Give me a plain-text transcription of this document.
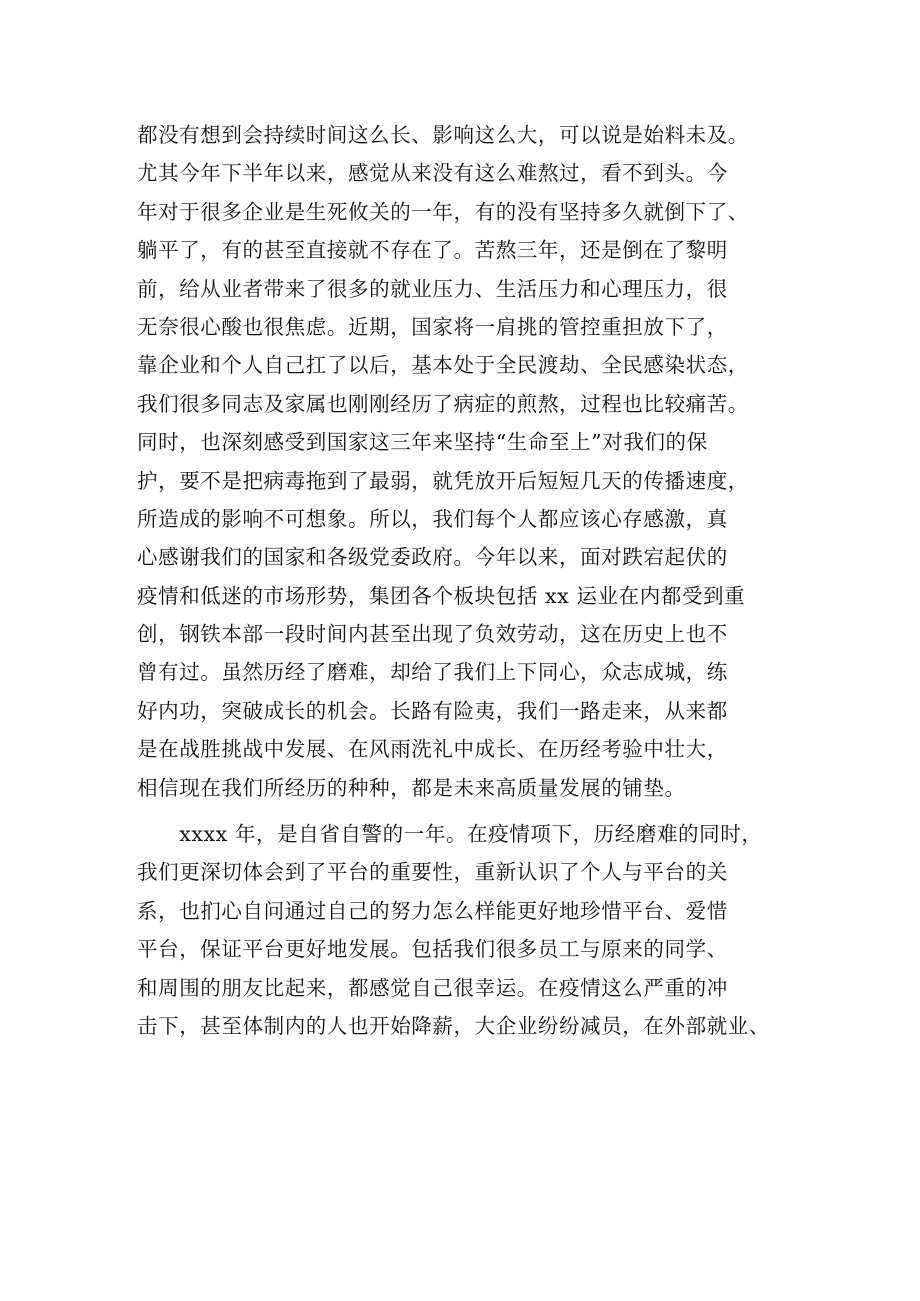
都没有想到会持续时间这么长、影响这么大，可以说是始料未及。
尤其今年下半年以来，感觉从来没有这么难熬过，看不到头。今
年对于很多企业是生死攸关的一年，有的没有坚持多久就倒下了、
躺平了，有的甚至直接就不存在了。苦熬三年，还是倒在了黎明
前，给从业者带来了很多的就业压力、生活压力和心理压力，很
无奈很心酸也很焦虑。近期，国家将一肩挑的管控重担放下了，
靠企业和个人自己扛了以后，基本处于全民渡劫、全民感染状态，
我们很多同志及家属也刚刚经历了病症的煎熬，过程也比较痛苦。
同时，也深刻感受到国家这三年来坚持“生命至上”对我们的保
护，要不是把病毒拖到了最弱，就凭放开后短短几天的传播速度，
所造成的影响不可想象。所以，我们每个人都应该心存感激，真
心感谢我们的国家和各级党委政府。今年以来，面对跌宕起伏的
疫情和低迷的市场形势，集团各个板块包括 xx 运业在内都受到重
创，钢铁本部一段时间内甚至出现了负效劳动，这在历史上也不
曾有过。虽然历经了磨难，却给了我们上下同心，众志成城，练
好内功，突破成长的机会。长路有险夷，我们一路走来，从来都
是在战胜挑战中发展、在风雨洗礼中成长、在历经考验中壮大，
相信现在我们所经历的种种，都是未来高质量发展的铺垫。
　　xxxx 年，是自省自警的一年。在疫情项下，历经磨难的同时，
我们更深切体会到了平台的重要性，重新认识了个人与平台的关
系，也扪心自问通过自己的努力怎么样能更好地珍惜平台、爱惜
平台，保证平台更好地发展。包括我们很多员工与原来的同学、
和周围的朋友比起来，都感觉自己很幸运。在疫情这么严重的冲
击下，甚至体制内的人也开始降薪，大企业纷纷减员，在外部就业、
